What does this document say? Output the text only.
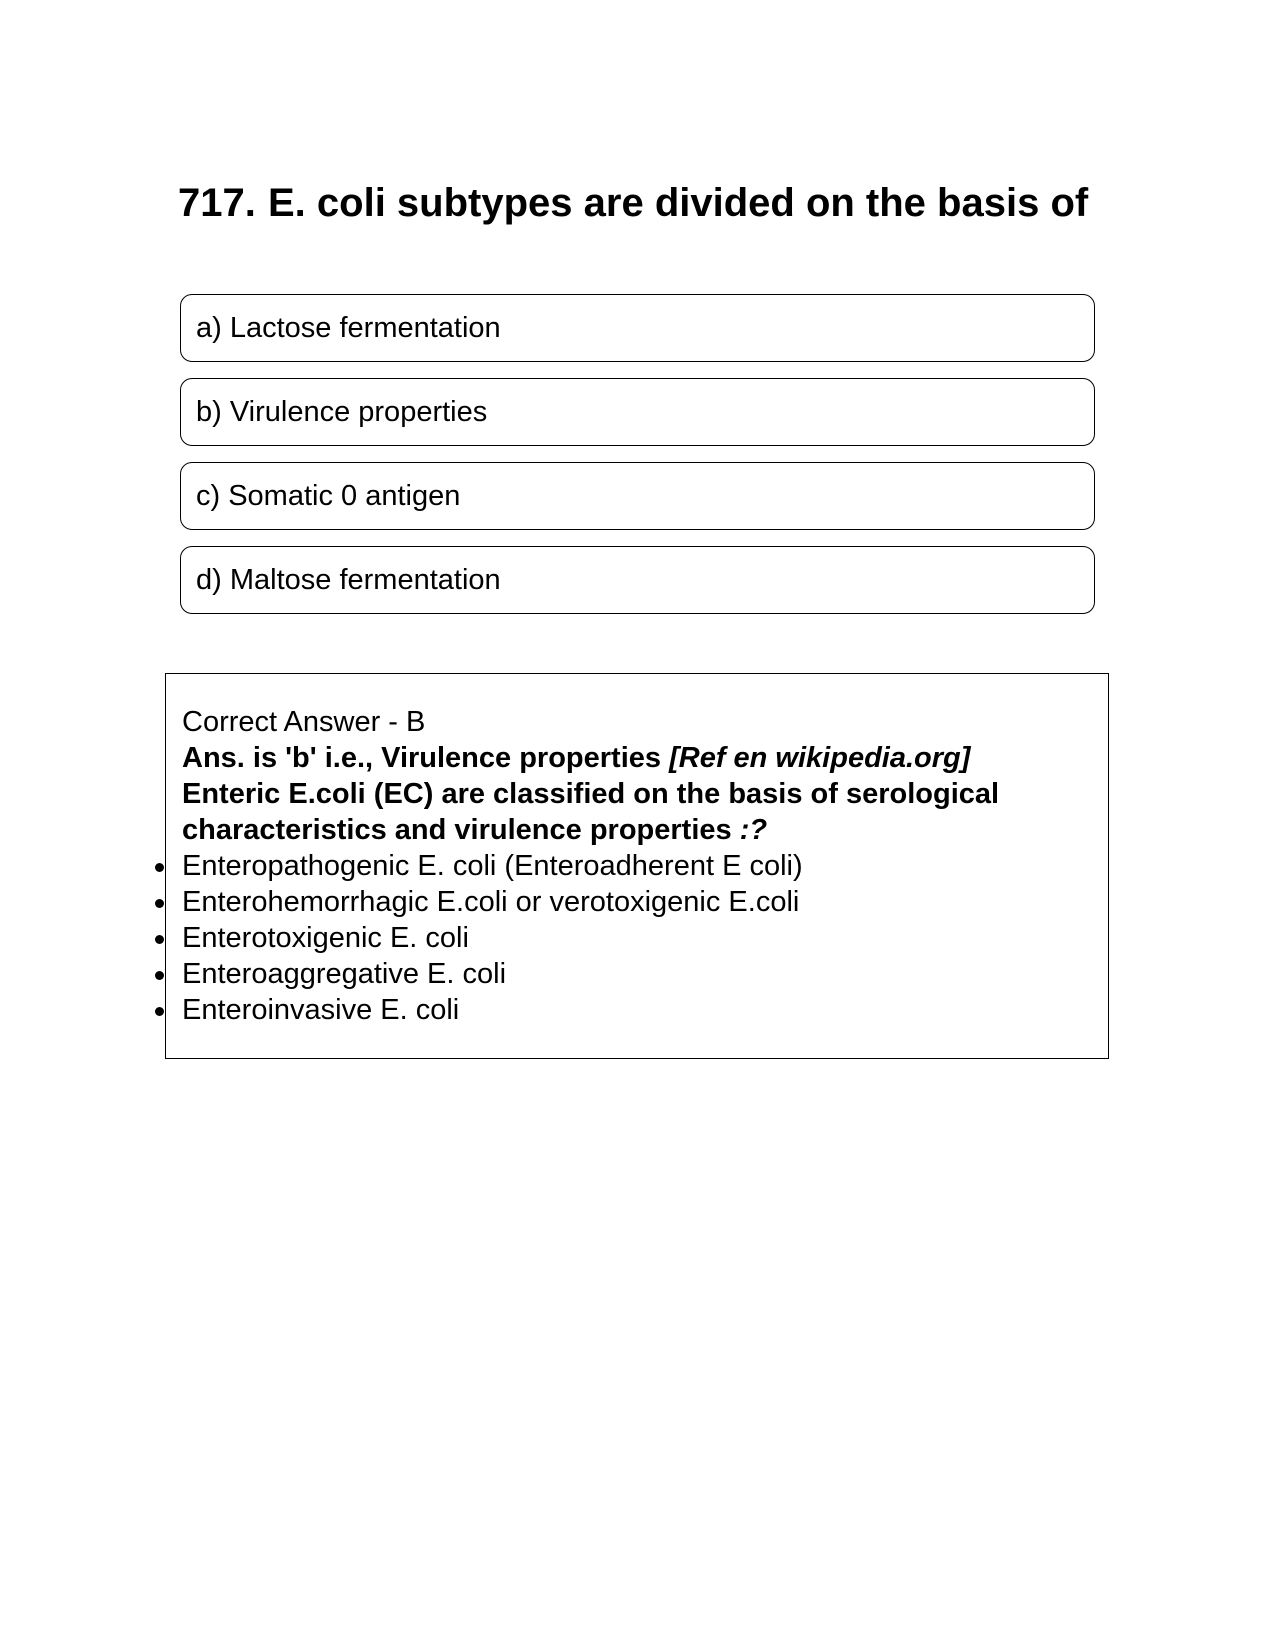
717. E. coli subtypes are divided on the basis of
a) Lactose fermentation
b) Virulence properties
c) Somatic 0 antigen
d) Maltose fermentation
Correct Answer - B
Ans. is 'b' i.e., Virulence properties [Ref en wikipedia.org]
Enteric E.coli (EC) are classified on the basis of serological characteristics and virulence properties :?
Enteropathogenic E. coli (Enteroadherent E coli)
Enterohemorrhagic E.coli or verotoxigenic E.coli
Enterotoxigenic E. coli
Enteroaggregative E. coli
Enteroinvasive E. coli
